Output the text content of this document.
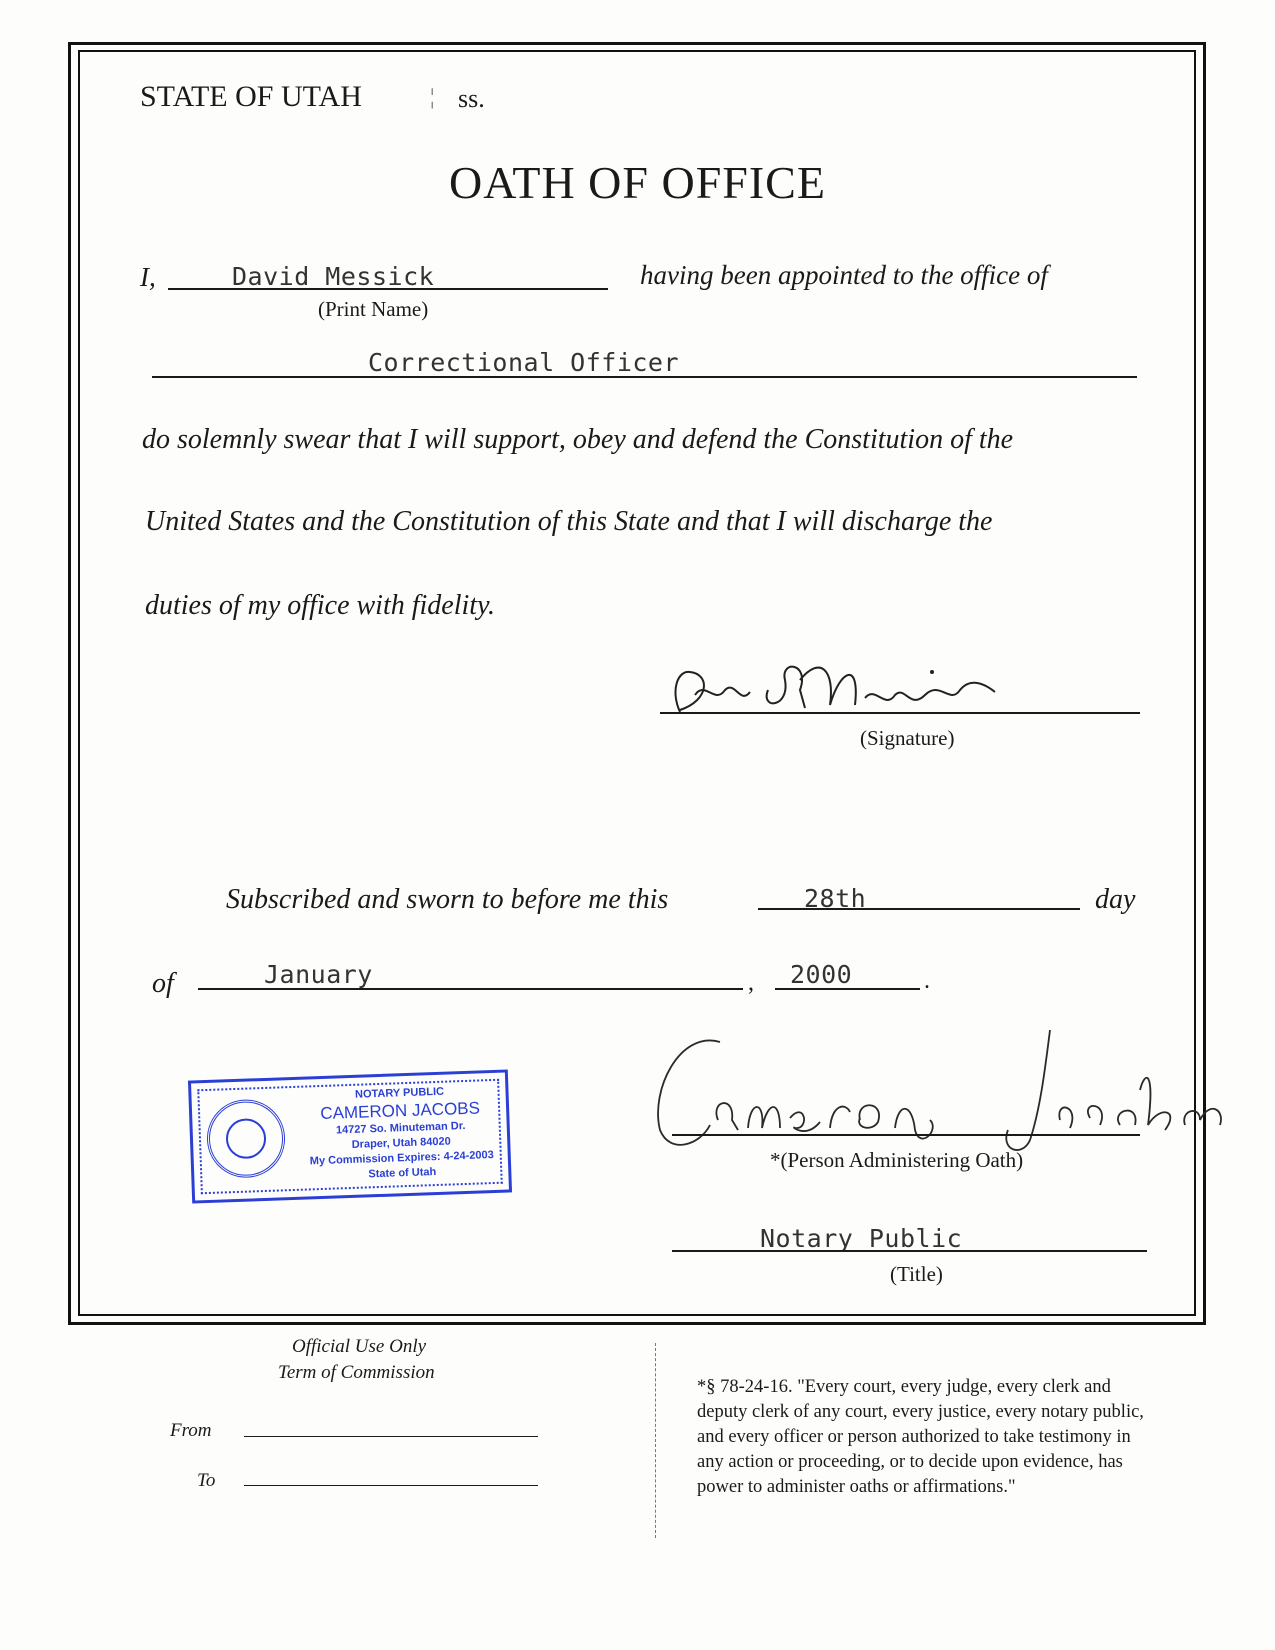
STATE OF UTAH	¦ ss.
OATH OF OFFICE
I,	David Messick
(Print Name)
having been appointed to the office of
Correctional Officer
do solemnly swear that I will support, obey and defend the Constitution of the
United States and the Constitution of this State and that I will discharge the
duties of my office with fidelity.
(Signature)
Subscribed and sworn to before me this	28th	day
of	January	, 2000	.
NOTARY PUBLIC
CAMERON JACOBS
14727 So. Minuteman Dr.
Draper, Utah 84020
My Commission Expires: 4-24-2003
State of Utah
*(Person Administering Oath)
Notary Public
(Title)
Official Use Only
Term of Commission
From
To
*§ 78-24-16. "Every court, every judge, every clerk and
deputy clerk of any court, every justice, every notary public,
and every officer or person authorized to take testimony in
any action or proceeding, or to decide upon evidence, has
power to administer oaths or affirmations."
